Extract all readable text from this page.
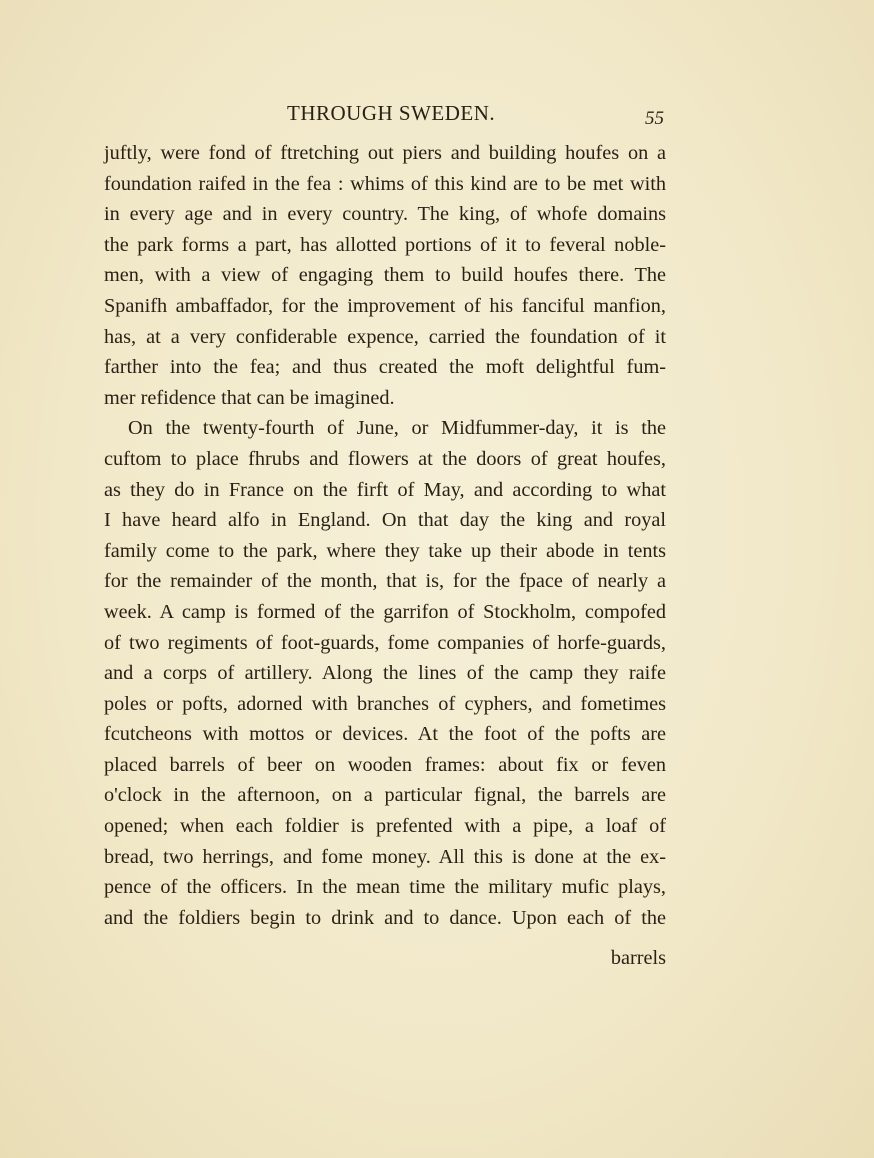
THROUGH SWEDEN.	55
juftly, were fond of ftretching out piers and building houfes on a
foundation raifed in the fea : whims of this kind are to be met with
in every age and in every country. The king, of whofe domains
the park forms a part, has allotted portions of it to feveral noble-
men, with a view of engaging them to build houfes there. The
Spanifh ambaffador, for the improvement of his fanciful manfion,
has, at a very confiderable expence, carried the foundation of it
farther into the fea; and thus created the moft delightful fum-
mer refidence that can be imagined.
On the twenty-fourth of June, or Midfummer-day, it is the
cuftom to place fhrubs and flowers at the doors of great houfes,
as they do in France on the firft of May, and according to what
I have heard alfo in England. On that day the king and royal
family come to the park, where they take up their abode in tents
for the remainder of the month, that is, for the fpace of nearly a
week. A camp is formed of the garrifon of Stockholm, compofed
of two regiments of foot-guards, fome companies of horfe-guards,
and a corps of artillery. Along the lines of the camp they raife
poles or pofts, adorned with branches of cyphers, and fometimes
fcutcheons with mottos or devices. At the foot of the pofts are
placed barrels of beer on wooden frames: about fix or feven
o'clock in the afternoon, on a particular fignal, the barrels are
opened; when each foldier is prefented with a pipe, a loaf of
bread, two herrings, and fome money. All this is done at the ex-
pence of the officers. In the mean time the military mufic plays,
and the foldiers begin to drink and to dance. Upon each of the
barrels
